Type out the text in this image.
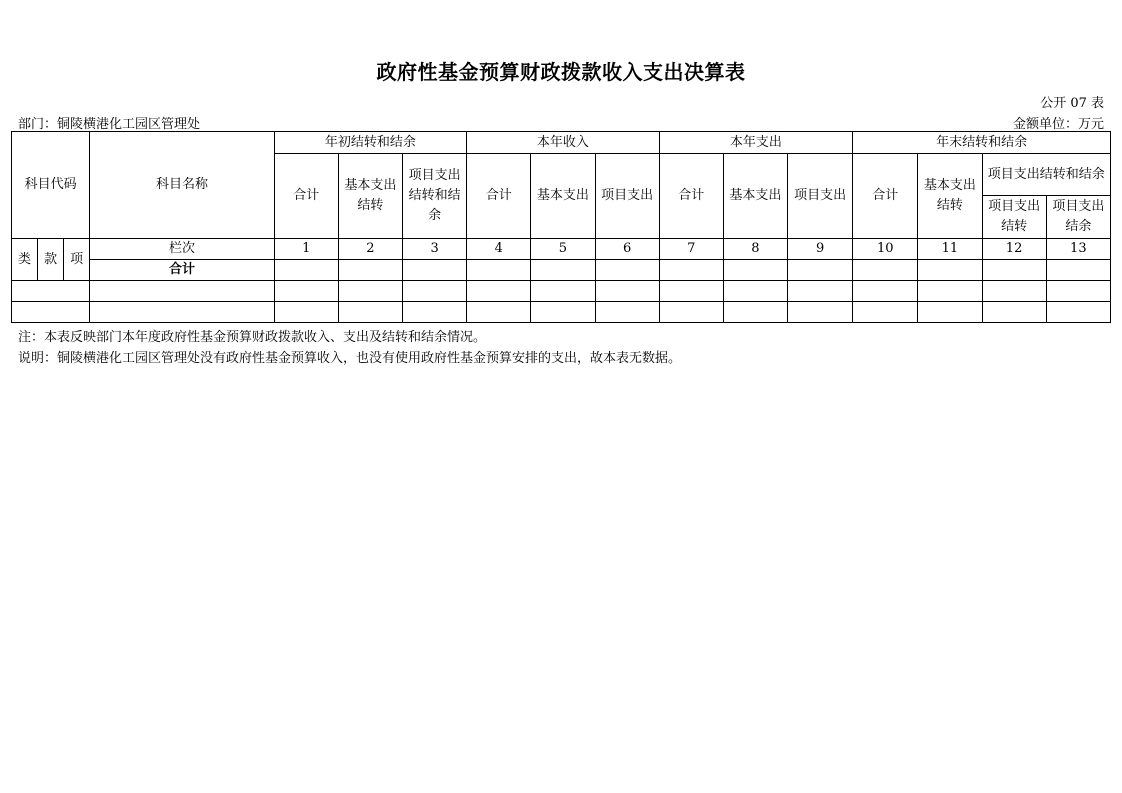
政府性基金预算财政拨款收入支出决算表
公开 07 表
部门：铜陵横港化工园区管理处	金额单位：万元
科目代码			科目名称	年初结转和结余			本年收入			本年支出			年末结转和结余			
				合计	基本支出结转	项目支出结转和结余	合计	基本支出	项目支出	合计	基本支出	项目支出	合计	基本支出结转	项目支出结转和结余	
															项目支出结转	项目支出结余
类	款	项	栏次	1	2	3	4	5	6	7	8	9	10	11	12	13
			合计													

注：本表反映部门本年度政府性基金预算财政拨款收入、支出及结转和结余情况。
说明：铜陵横港化工园区管理处没有政府性基金预算收入，也没有使用政府性基金预算安排的支出，故本表无数据。
